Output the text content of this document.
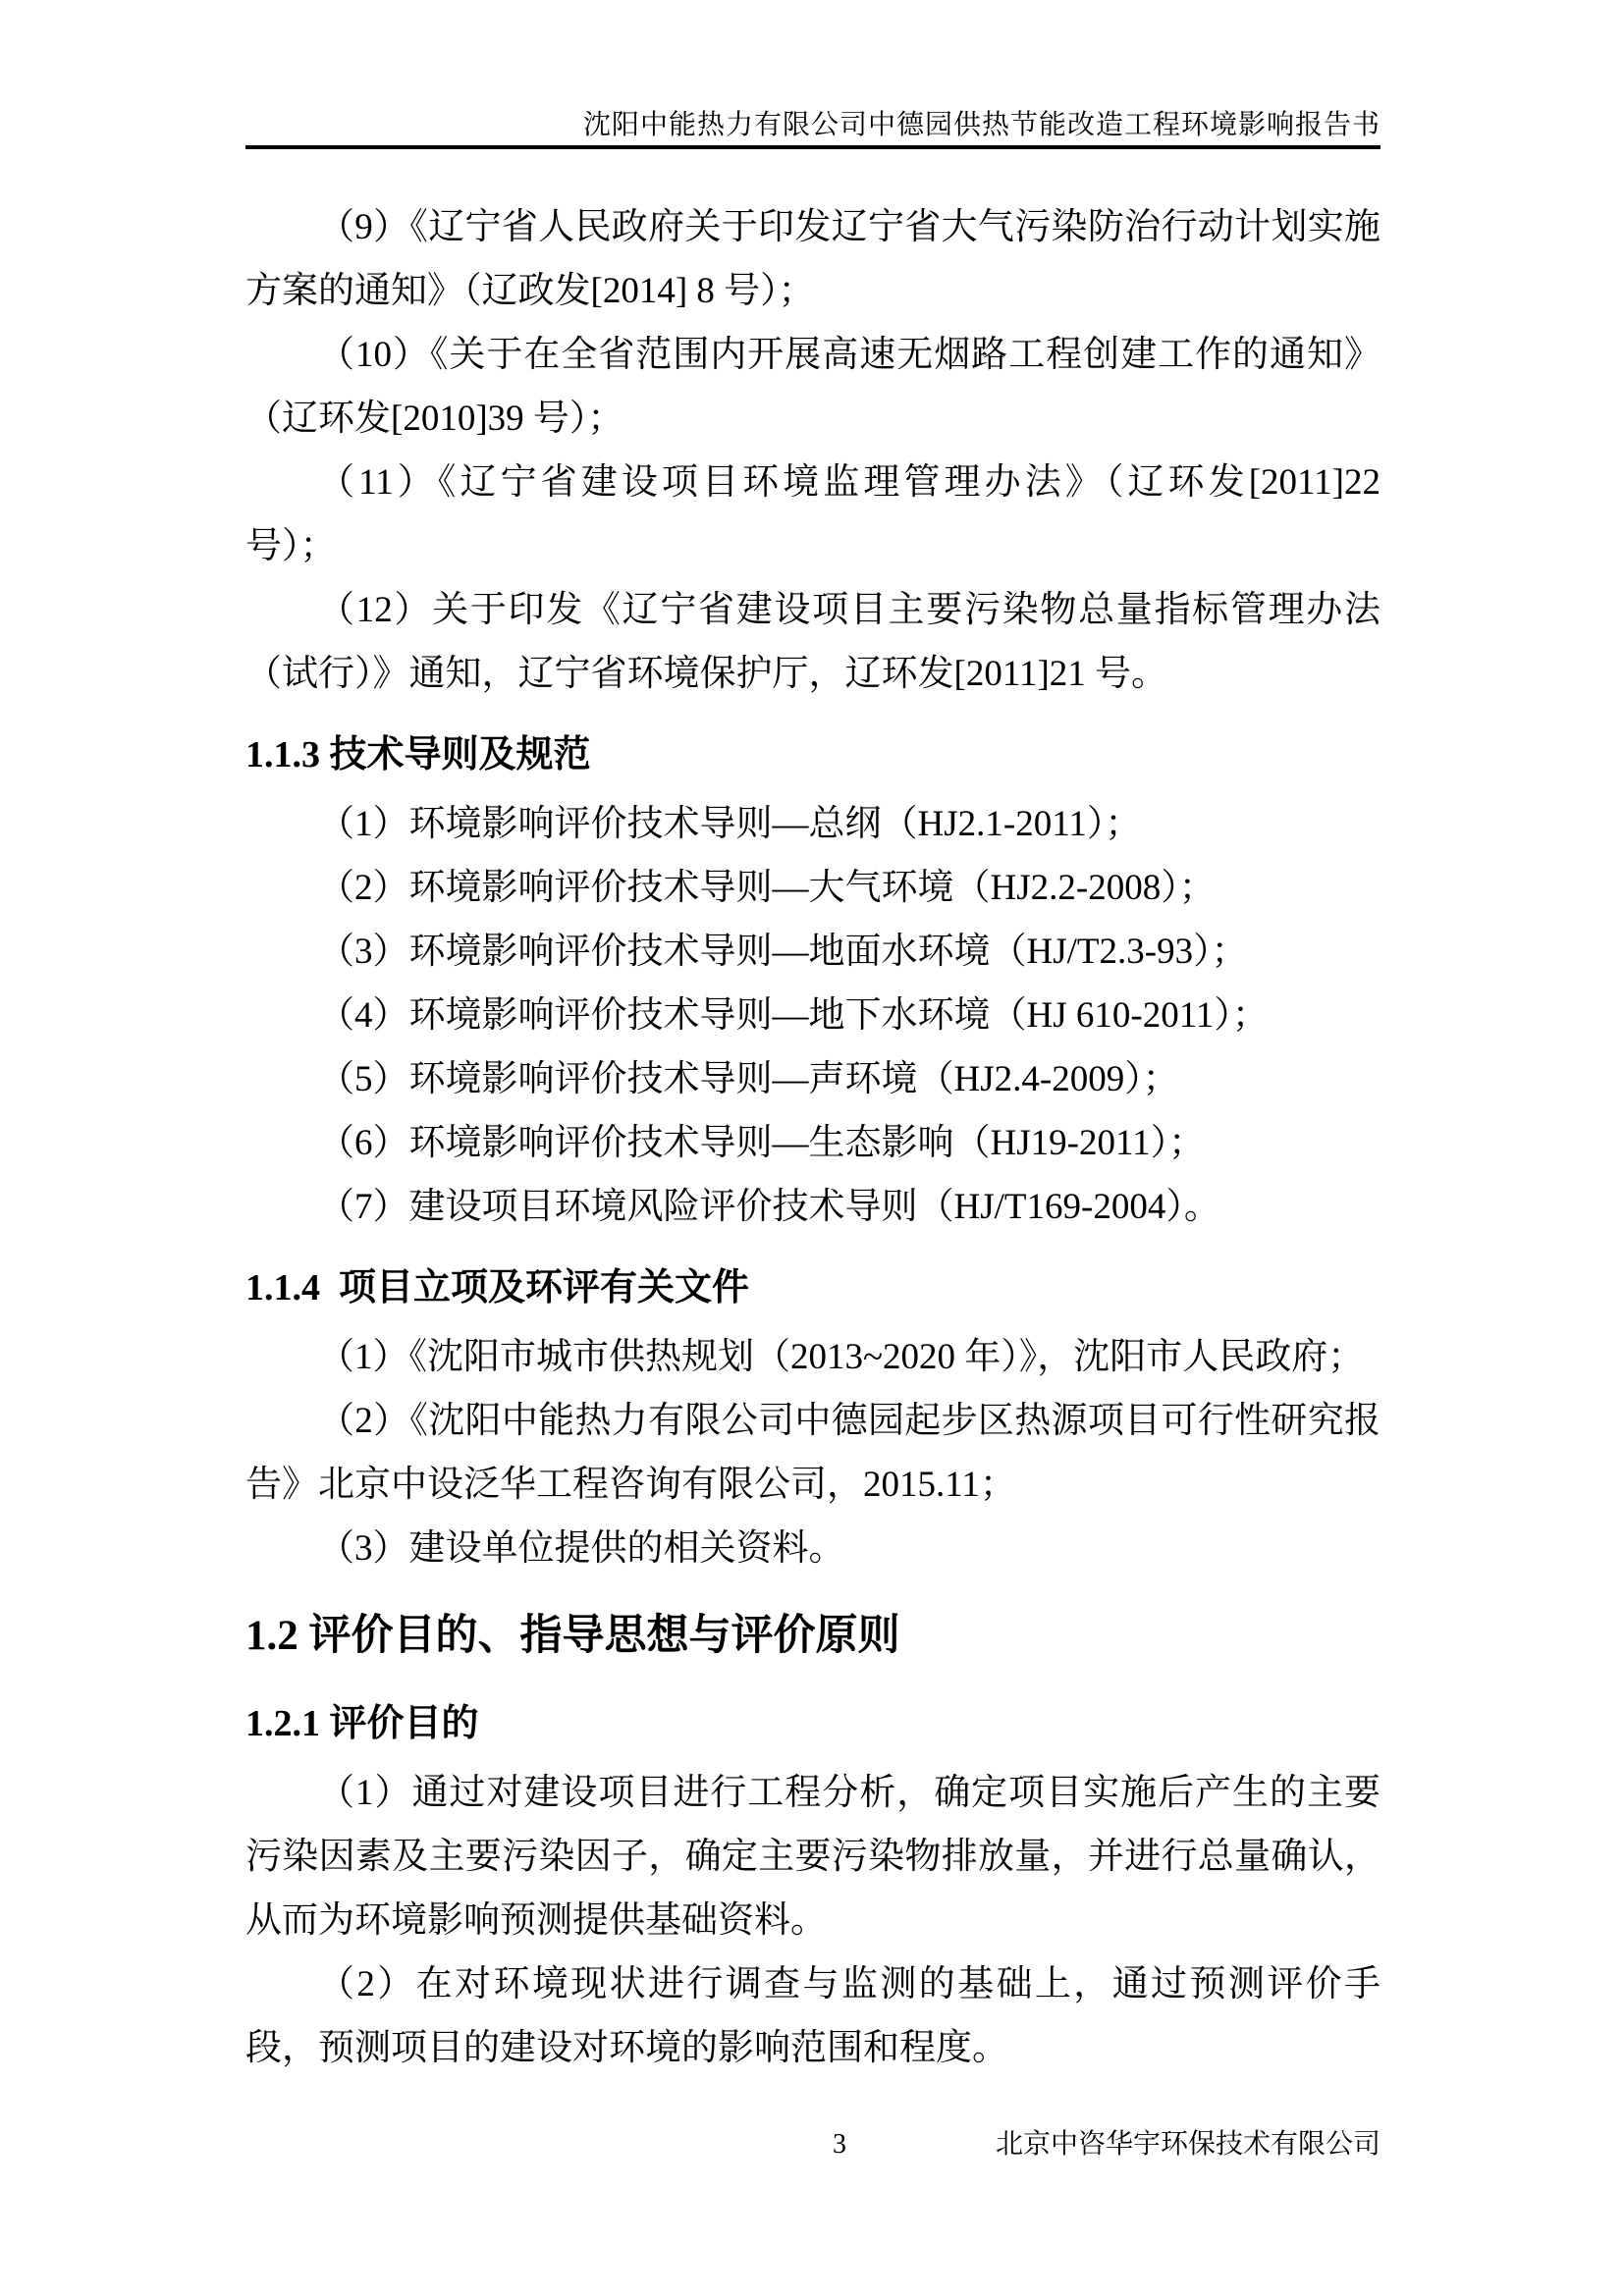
沈阳中能热力有限公司中德园供热节能改造工程环境影响报告书

（9）《辽宁省人民政府关于印发辽宁省大气污染防治行动计划实施方案的通知》（辽政发[2014] 8 号）；

（10）《关于在全省范围内开展高速无烟路工程创建工作的通知》（辽环发[2010]39 号）；

（11）《辽宁省建设项目环境监理管理办法》（辽环发[2011]22 号）；

（12）关于印发《辽宁省建设项目主要污染物总量指标管理办法（试行）》通知，辽宁省环境保护厅，辽环发[2011]21 号。

1.1.3 技术导则及规范

（1）环境影响评价技术导则—总纲（HJ2.1-2011）；

（2）环境影响评价技术导则—大气环境（HJ2.2-2008）；

（3）环境影响评价技术导则—地面水环境（HJ/T2.3-93）；

（4）环境影响评价技术导则—地下水环境（HJ 610-2011）；

（5）环境影响评价技术导则—声环境（HJ2.4-2009）；

（6）环境影响评价技术导则—生态影响（HJ19-2011）；

（7）建设项目环境风险评价技术导则（HJ/T169-2004）。

1.1.4  项目立项及环评有关文件

（1）《沈阳市城市供热规划（2013~2020 年）》，沈阳市人民政府；

（2）《沈阳中能热力有限公司中德园起步区热源项目可行性研究报告》北京中设泛华工程咨询有限公司，2015.11；

（3）建设单位提供的相关资料。

1.2 评价目的、指导思想与评价原则
1.2.1 评价目的

（1）通过对建设项目进行工程分析，确定项目实施后产生的主要污染因素及主要污染因子，确定主要污染物排放量，并进行总量确认，从而为环境影响预测提供基础资料。

（2）在对环境现状进行调查与监测的基础上，通过预测评价手段，预测项目的建设对环境的影响范围和程度。

3	北京中咨华宇环保技术有限公司
